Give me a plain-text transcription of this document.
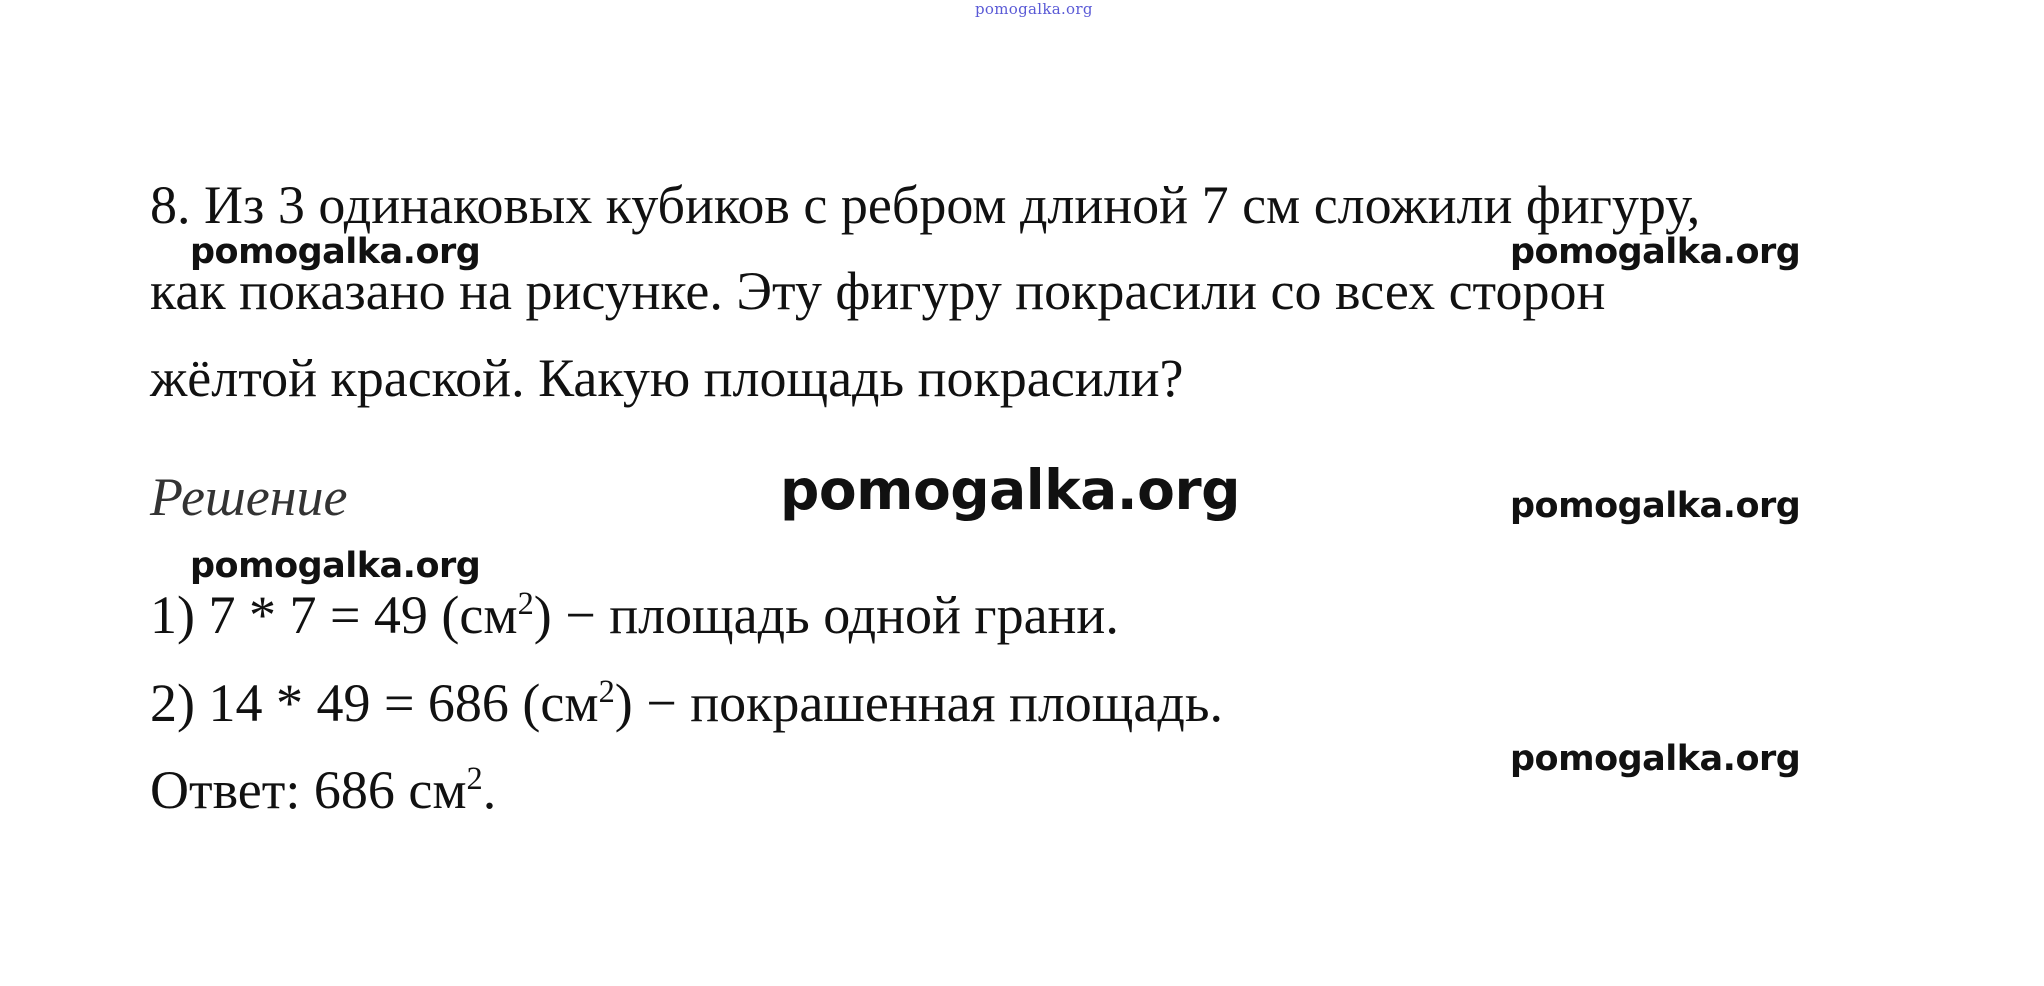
pomogalka.org
8. Из 3 одинаковых кубиков с ребром длиной 7 см сложили фигуру,
как показано на рисунке. Эту фигуру покрасили со всех сторон
жёлтой краской. Какую площадь покрасили?
Решение
1) 7 * 7 = 49 $(см^2)$ − площадь одной грани.
2) 14 * 49 = 686 $(см^2)$ − покрашенная площадь.
Ответ: 686 $см^2$.
pomogalka.org	pomogalka.org
pomogalka.org	pomogalka.org
pomogalka.org
pomogalka.org
